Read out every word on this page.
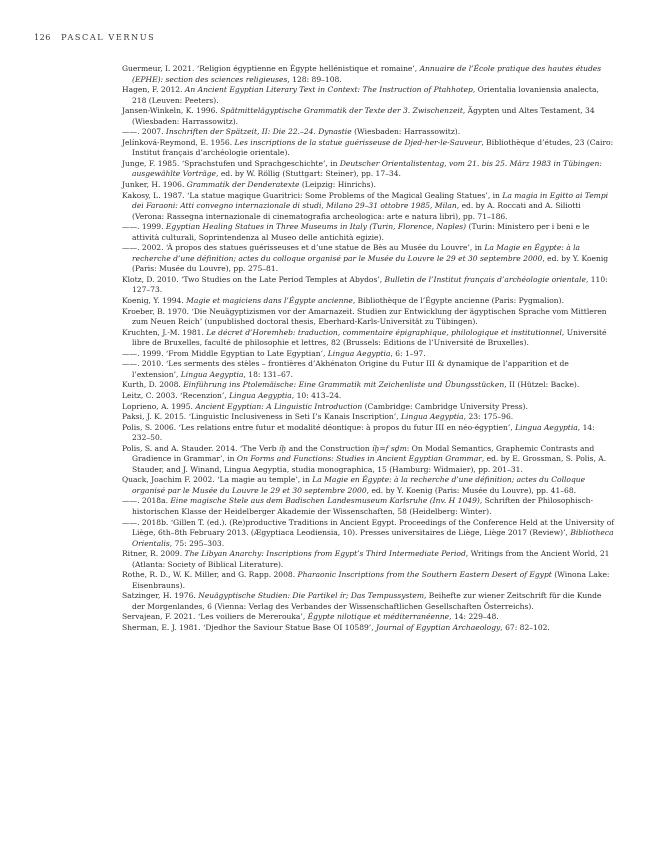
126 PASCAL VERNUS

Guermeur, I. 2021. ‘Religion égyptienne en Égypte hellénistique et romaine’, Annuaire de l’École pratique des hautes études (EPHE): section des sciences religieuses, 128: 89–108.

Hagen, F. 2012. An Ancient Egyptian Literary Text in Context: The Instruction of Ptahhotep, Orientalia lovaniensia analecta, 218 (Leuven: Peeters).

Jansen-Winkeln, K. 1996. Spätmittelägyptische Grammatik der Texte der 3. Zwischenzeit, Ägypten und Altes Testament, 34 (Wiesbaden: Harrassowitz).

——. 2007. Inschriften der Spätzeit, II: Die 22.–24. Dynastie (Wiesbaden: Harrassowitz).

Jelínková-Reymond, E. 1956. Les inscriptions de la statue guérisseuse de Djed-her-le-Sauveur, Bibliothèque d’études, 23 (Cairo: Institut français d’archéologie orientale).

Junge, F. 1985. ‘Sprachstufen und Sprachgeschichte’, in Deutscher Orientalistentag, vom 21. bis 25. März 1983 in Tübingen: ausgewählte Vorträge, ed. by W. Röllig (Stuttgart: Steiner), pp. 17–34.

Junker, H. 1906. Grammatik der Denderatexte (Leipzig: Hinrichs).

Kakosy, L. 1987. ‘La statue magique Guaritrici: Some Problems of the Magical Gealing Statues’, in La magia in Egitto ai Tempi dei Faraoni: Atti convegno internazionale di studi, Milano 29–31 ottobre 1985, Milan, ed. by A. Roccati and A. Siliotti (Verona: Rassegna internazionale di cinematografia archeologica: arte e natura libri), pp. 71–186.

——. 1999. Egyptian Healing Statues in Three Museums in Italy (Turin, Florence, Naples) (Turin: Ministero per i beni e le attività culturali, Soprintendenza al Museo delle antichità egizie).

——. 2002. ‘À propos des statues guérisseuses et d’une statue de Bès au Musée du Louvre’, in La Magie en Égypte: à la recherche d’une définition; actes du colloque organisé par le Musée du Louvre le 29 et 30 septembre 2000, ed. by Y. Koenig (Paris: Musée du Louvre), pp. 275–81.

Klotz, D. 2010. ‘Two Studies on the Late Period Temples at Abydos’, Bulletin de l’Institut français d’archéologie orientale, 110: 127–73.

Koenig, Y. 1994. Magie et magiciens dans l’Égypte ancienne, Bibliothèque de l’Égypte ancienne (Paris: Pygmalion).

Kroeber, B. 1970. ‘Die Neuägyptizismen vor der Amarnazeit. Studien zur Entwicklung der ägyptischen Sprache vom Mittleren zum Neuen Reich’ (unpublished doctoral thesis, Eberhard-Karls-Universität zu Tübingen).

Kruchten, J.-M. 1981. Le décret d’Horemheb: traduction, commentaire épigraphique, philologique et institutionnel, Université libre de Bruxelles, faculté de philosophie et lettres, 82 (Brussels: Editions de l’Université de Bruxelles).

——. 1999. ‘From Middle Egyptian to Late Egyptian’, Lingua Aegyptia, 6: 1–97.

——. 2010. ‘Les serments des stèles – frontières d’Akhénaton Origine du Futur III & dynamique de l’apparition et de l’extension’, Lingua Aegyptia, 18: 131–67.

Kurth, D. 2008. Einführung ins Ptolemäische: Eine Grammatik mit Zeichenliste und Übungsstücken, II (Hützel: Backe).

Leitz, C. 2003. ‘Recenzion’, Lingua Aegyptia, 10: 413–24.

Loprieno, A. 1995. Ancient Egyptian: A Linguistic Introduction (Cambridge: Cambridge University Press).

Paksi, J. K. 2015. ‘Linguistic Inclusiveness in Seti I’s Kanais Inscription’, Lingua Aegyptia, 23: 175–96.

Polis, S. 2006. ‘Les relations entre futur et modalité déontique: à propos du futur III en néo-égyptien’, Lingua Aegyptia, 14: 232–50.

Polis, S. and A. Stauder. 2014. ‘The Verb íḫ and the Construction íḫ=f sḏm: On Modal Semantics, Graphemic Contrasts and Gradience in Grammar’, in On Forms and Functions: Studies in Ancient Egyptian Grammar, ed. by E. Grossman, S. Polis, A. Stauder, and J. Winand, Lingua Aegyptia, studia monographica, 15 (Hamburg: Widmaier), pp. 201–31.

Quack, Joachim F. 2002. ‘La magie au temple’, in La Magie en Égypte: à la recherche d’une définition; actes du Colloque organisé par le Musée du Louvre le 29 et 30 septembre 2000, ed. by Y. Koenig (Paris: Musée du Louvre), pp. 41–68.

——. 2018a. Eine magische Stele aus dem Badischen Landesmuseum Karlsruhe (Inv. H 1049), Schriften der Philosophisch-historischen Klasse der Heidelberger Akademie der Wissenschaften, 58 (Heidelberg: Winter).

——. 2018b. ‘Gillen T. (ed.). (Re)productive Traditions in Ancient Egypt. Proceedings of the Conference Held at the University of Liège, 6th–8th February 2013. (Ægyptiaca Leodiensia, 10). Presses universitaires de Liège, Liège 2017 (Review)’, Bibliotheca Orientalis, 75: 295–303.

Ritner, R. 2009. The Libyan Anarchy: Inscriptions from Egypt’s Third Intermediate Period, Writings from the Ancient World, 21 (Atlanta: Society of Biblical Literature).

Rothe, R. D., W. K. Miller, and G. Rapp. 2008. Pharaonic Inscriptions from the Southern Eastern Desert of Egypt (Winona Lake: Eisenbrauns).

Satzinger, H. 1976. Neuägyptische Studien: Die Partikel ír; Das Tempussystem, Beihefte zur wiener Zeitschrift für die Kunde der Morgenlandes, 6 (Vienna: Verlag des Verbandes der Wissenschaftlichen Gesellschaften Österreichs).

Servajean, F. 2021. ‘Les voiliers de Mererouka’, Égypte nilotique et méditerranéenne, 14: 229–48.

Sherman, E. J. 1981. ‘Djedhor the Saviour Statue Base OI 10589’, Journal of Egyptian Archaeology, 67: 82–102.
